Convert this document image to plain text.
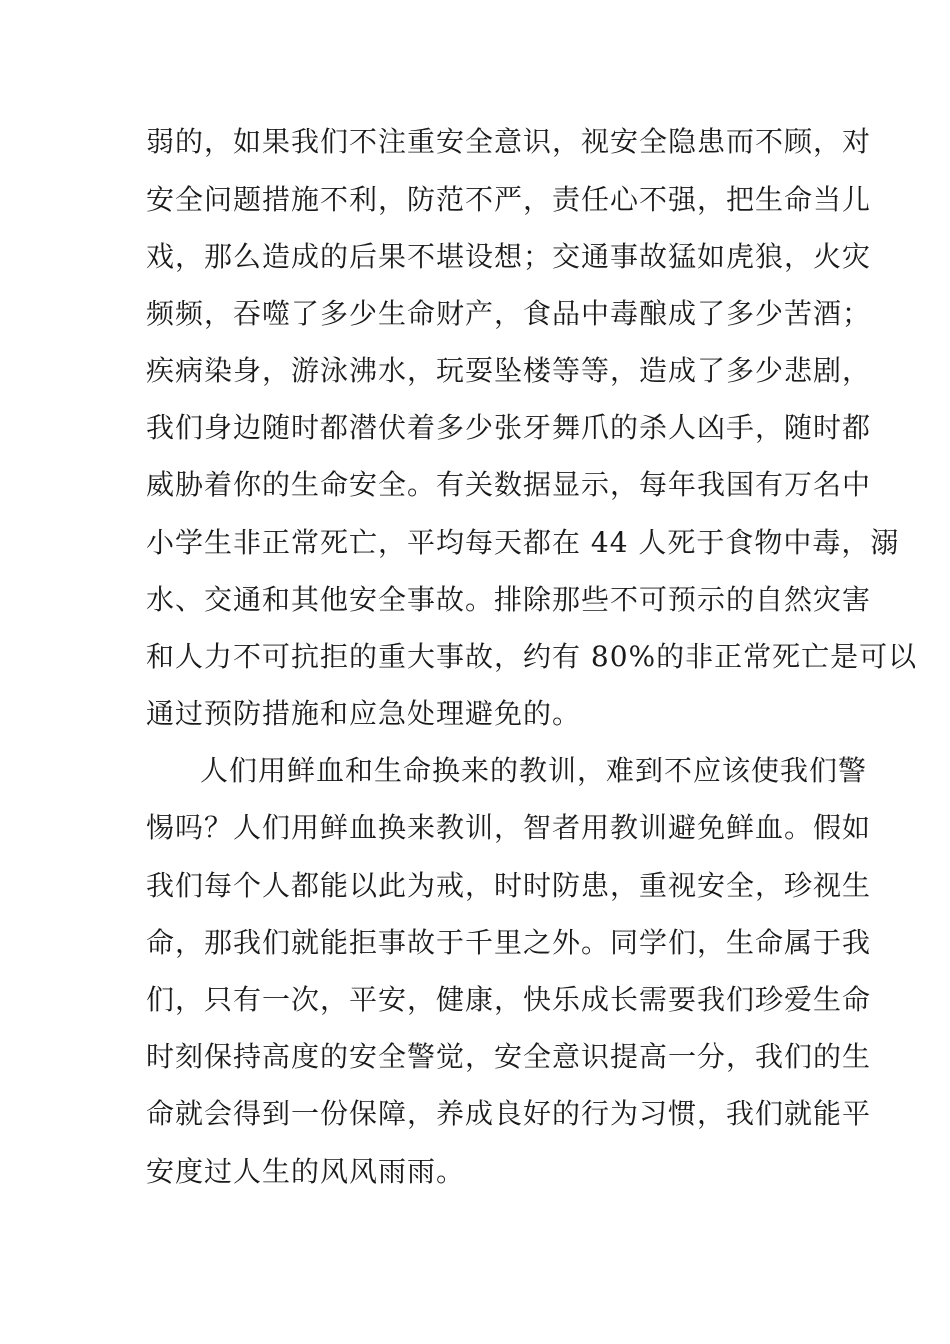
弱的，如果我们不注重安全意识，视安全隐患而不顾，对
安全问题措施不利，防范不严，责任心不强，把生命当儿
戏，那么造成的后果不堪设想；交通事故猛如虎狼，火灾
频频，吞噬了多少生命财产，食品中毒酿成了多少苦酒；
疾病染身，游泳沸水，玩耍坠楼等等，造成了多少悲剧，
我们身边随时都潜伏着多少张牙舞爪的杀人凶手，随时都
威胁着你的生命安全。有关数据显示，每年我国有万名中
小学生非正常死亡，平均每天都在 44 人死于食物中毒，溺
水、交通和其他安全事故。排除那些不可预示的自然灾害
和人力不可抗拒的重大事故，约有 80%的非正常死亡是可以
通过预防措施和应急处理避免的。
人们用鲜血和生命换来的教训，难到不应该使我们警
惕吗？人们用鲜血换来教训，智者用教训避免鲜血。假如
我们每个人都能以此为戒，时时防患，重视安全，珍视生
命，那我们就能拒事故于千里之外。同学们，生命属于我
们，只有一次，平安，健康，快乐成长需要我们珍爱生命
时刻保持高度的安全警觉，安全意识提高一分，我们的生
命就会得到一份保障，养成良好的行为习惯，我们就能平
安度过人生的风风雨雨。
